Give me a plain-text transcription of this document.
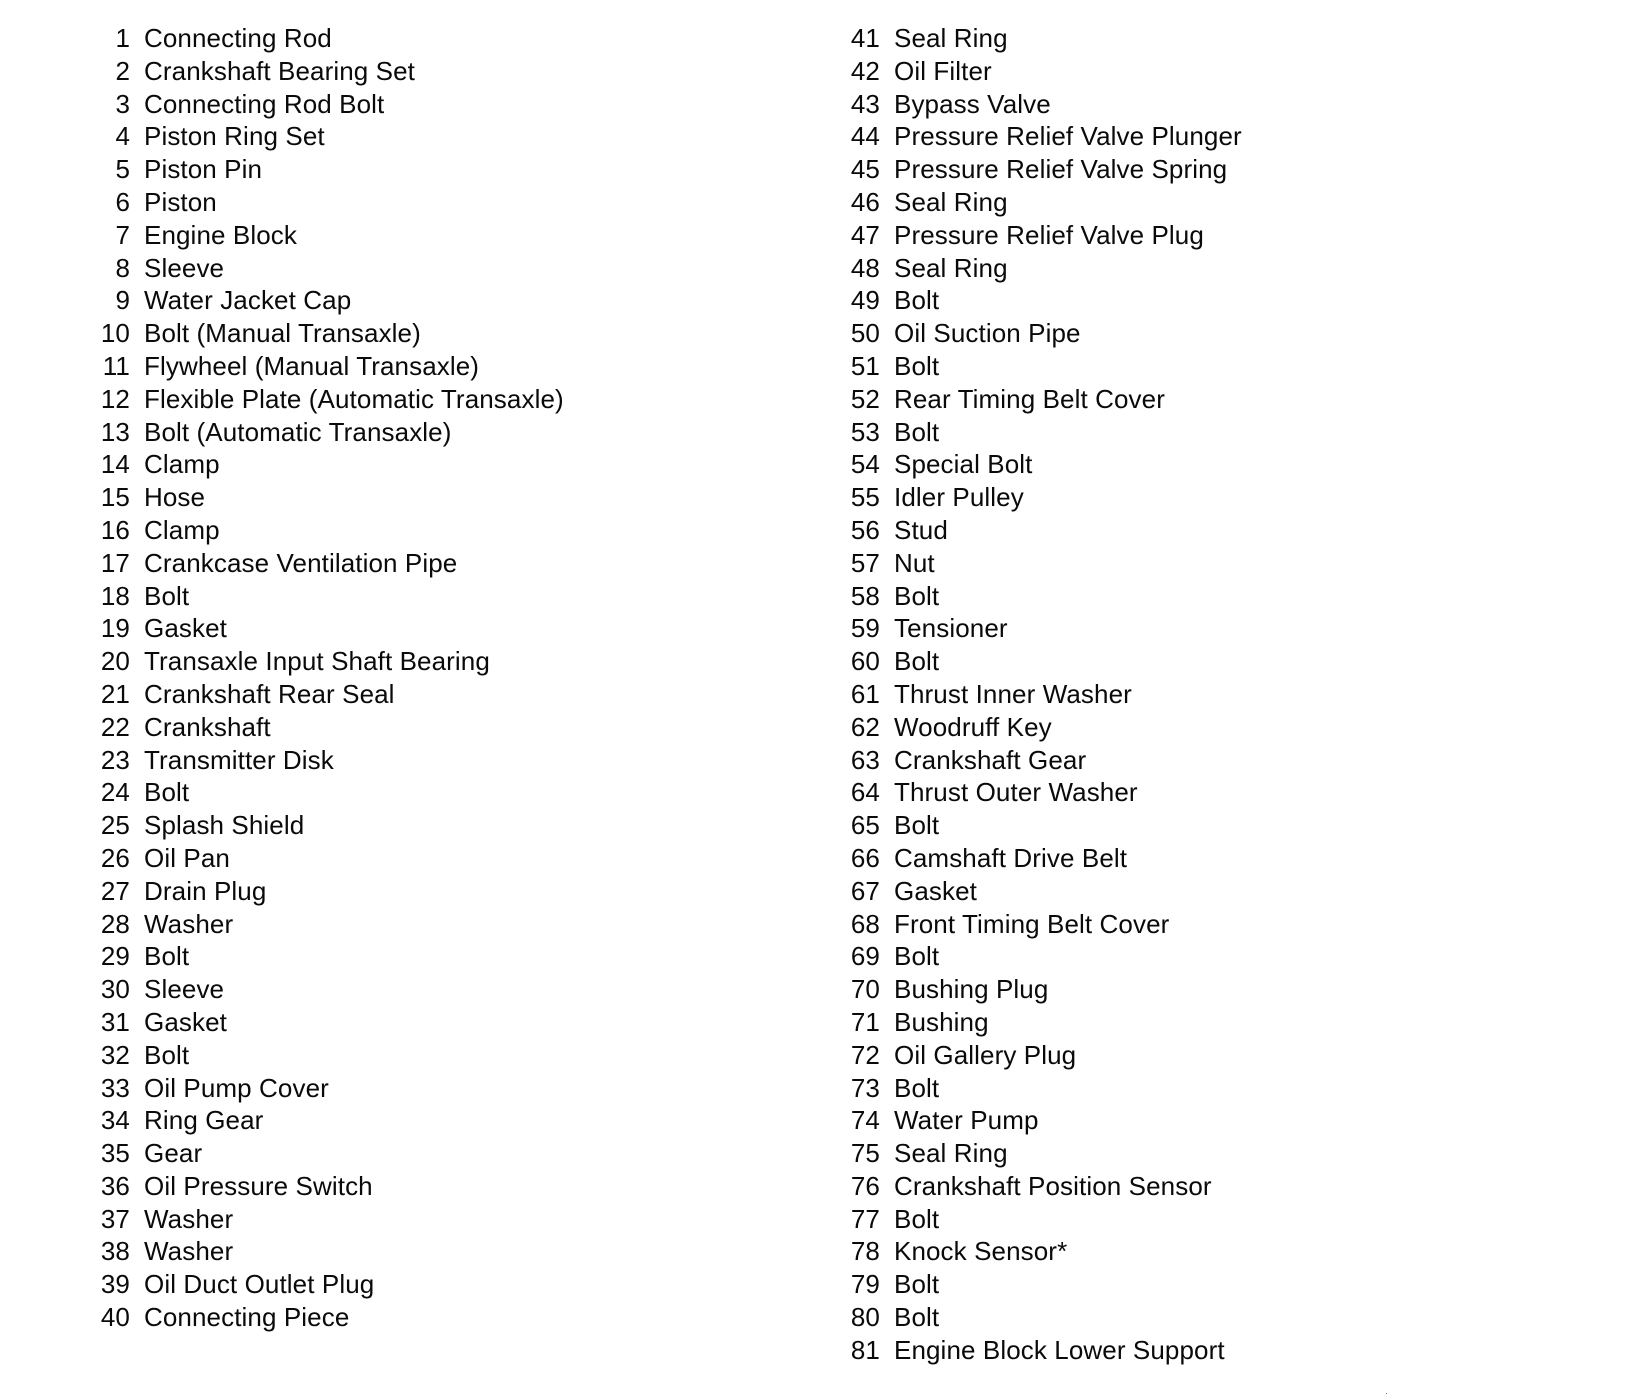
1 Connecting Rod
2 Crankshaft Bearing Set
3 Connecting Rod Bolt
4 Piston Ring Set
5 Piston Pin
6 Piston
7 Engine Block
8 Sleeve
9 Water Jacket Cap
10 Bolt (Manual Transaxle)
11 Flywheel (Manual Transaxle)
12 Flexible Plate (Automatic Transaxle)
13 Bolt (Automatic Transaxle)
14 Clamp
15 Hose
16 Clamp
17 Crankcase Ventilation Pipe
18 Bolt
19 Gasket
20 Transaxle Input Shaft Bearing
21 Crankshaft Rear Seal
22 Crankshaft
23 Transmitter Disk
24 Bolt
25 Splash Shield
26 Oil Pan
27 Drain Plug
28 Washer
29 Bolt
30 Sleeve
31 Gasket
32 Bolt
33 Oil Pump Cover
34 Ring Gear
35 Gear
36 Oil Pressure Switch
37 Washer
38 Washer
39 Oil Duct Outlet Plug
40 Connecting Piece
41 Seal Ring
42 Oil Filter
43 Bypass Valve
44 Pressure Relief Valve Plunger
45 Pressure Relief Valve Spring
46 Seal Ring
47 Pressure Relief Valve Plug
48 Seal Ring
49 Bolt
50 Oil Suction Pipe
51 Bolt
52 Rear Timing Belt Cover
53 Bolt
54 Special Bolt
55 Idler Pulley
56 Stud
57 Nut
58 Bolt
59 Tensioner
60 Bolt
61 Thrust Inner Washer
62 Woodruff Key
63 Crankshaft Gear
64 Thrust Outer Washer
65 Bolt
66 Camshaft Drive Belt
67 Gasket
68 Front Timing Belt Cover
69 Bolt
70 Bushing Plug
71 Bushing
72 Oil Gallery Plug
73 Bolt
74 Water Pump
75 Seal Ring
76 Crankshaft Position Sensor
77 Bolt
78 Knock Sensor*
79 Bolt
80 Bolt
81 Engine Block Lower Support
